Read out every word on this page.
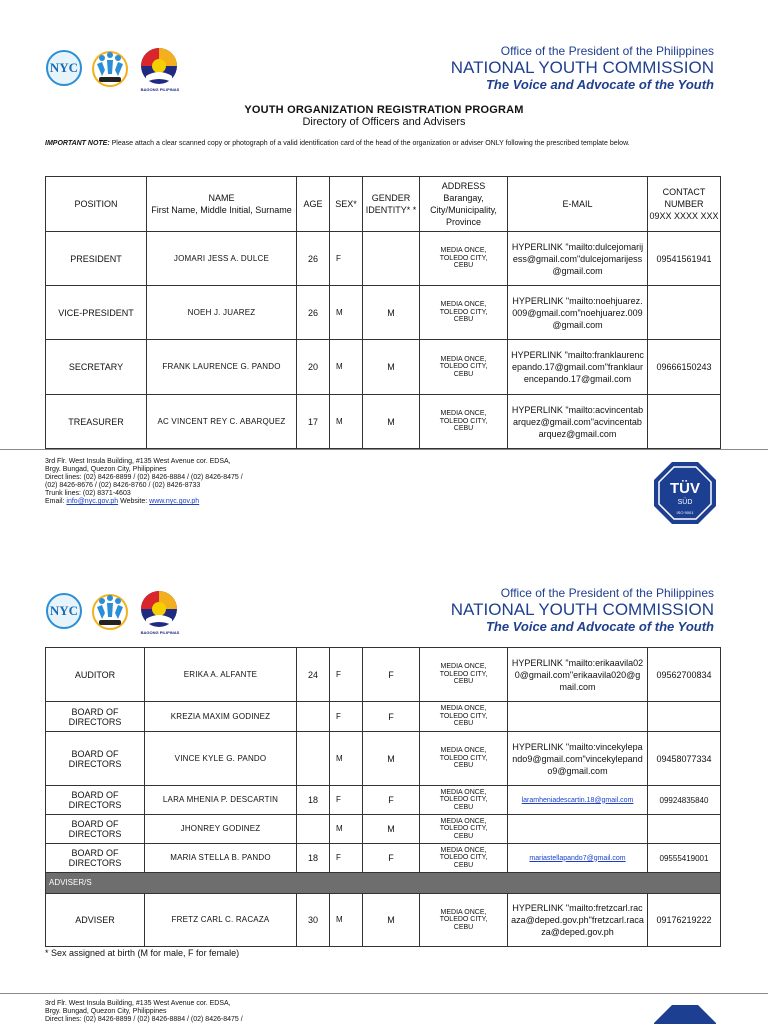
NYC
BAGONG PILIPINAS
Office of the President of the Philippines
NATIONAL YOUTH COMMISSION
The Voice and Advocate of the Youth
YOUTH ORGANIZATION REGISTRATION PROGRAM
Directory of Officers and Advisers
IMPORTANT NOTE: Please attach a clear scanned copy or photograph of a valid identification card of the head of the organization or adviser ONLY following the prescribed template below.
POSITION	NAME
First Name, Middle Initial, Surname	AGE	SEX*	GENDER IDENTITY* *	ADDRESS
Barangay, City/Municipality, Province	E-MAIL	CONTACT NUMBER
09XX XXXX XXX
PRESIDENT	JOMARI JESS A. DULCE	26	F		MEDIA ONCE,
TOLEDO CITY,
CEBU	HYPERLINK "mailto:dulcejomarijess@gmail.com"dulcejomarijess@gmail.com	09541561941
VICE-PRESIDENT	NOEH J. JUAREZ	26	M	M	MEDIA ONCE,
TOLEDO CITY,
CEBU	HYPERLINK "mailto:noehjuarez.009@gmail.com"noehjuarez.009@gmail.com	
SECRETARY	FRANK LAURENCE G. PANDO	20	M	M	MEDIA ONCE,
TOLEDO CITY,
CEBU	HYPERLINK "mailto:franklaurencepando.17@gmail.com"franklaurencepando.17@gmail.com	09666150243
TREASURER	AC VINCENT REY C. ABARQUEZ	17	M	M	MEDIA ONCE,
TOLEDO CITY,
CEBU	HYPERLINK "mailto:acvincentabarquez@gmail.com"acvincentabarquez@gmail.com	
3rd Flr. West Insula Building, #135 West Avenue cor. EDSA,
Brgy. Bungad, Quezon City, Philippines
Direct lines: (02) 8426-8899 / (02) 8426-8884 / (02) 8426-8475 /
(02) 8426-8676 / (02) 8426-8760 / (02) 8426-8733
Trunk lines: (02) 8371-4603
Email: info@nyc.gov.ph Website: www.nyc.gov.ph
TÜV
SÜD
ISO 9001
NYC
BAGONG PILIPINAS
Office of the President of the Philippines
NATIONAL YOUTH COMMISSION
The Voice and Advocate of the Youth
AUDITOR	ERIKA A. ALFANTE	24	F	F	MEDIA ONCE,
TOLEDO CITY,
CEBU	HYPERLINK "mailto:erikaavila020@gmail.com"erikaavila020@gmail.com	09562700834
BOARD OF DIRECTORS	KREZIA MAXIM GODINEZ		F	F	MEDIA ONCE,
TOLEDO CITY,
CEBU		
BOARD OF DIRECTORS	VINCE KYLE G. PANDO		M	M	MEDIA ONCE,
TOLEDO CITY,
CEBU	HYPERLINK "mailto:vincekylepando9@gmail.com"vincekylepando9@gmail.com	09458077334
BOARD OF DIRECTORS	LARA MHENIA P. DESCARTIN	18	F	F	MEDIA ONCE,
TOLEDO CITY,
CEBU	laramheniadescartin.18@gmail.com	09924835840
BOARD OF DIRECTORS	JHONREY GODINEZ		M	M	MEDIA ONCE,
TOLEDO CITY,
CEBU		
BOARD OF DIRECTORS	MARIA STELLA B. PANDO	18	F	F	MEDIA ONCE,
TOLEDO CITY,
CEBU	mariastellapando7@gmail.com	09555419001
ADVISER/S							
ADVISER	FRETZ CARL C. RACAZA	30	M	M	MEDIA ONCE,
TOLEDO CITY,
CEBU	HYPERLINK "mailto:fretzcarl.racaza@deped.gov.ph"fretzcarl.racaza@deped.gov.ph	09176219222
* Sex assigned at birth (M for male, F for female)
3rd Flr. West Insula Building, #135 West Avenue cor. EDSA,
Brgy. Bungad, Quezon City, Philippines
Direct lines: (02) 8426-8899 / (02) 8426-8884 / (02) 8426-8475 /
